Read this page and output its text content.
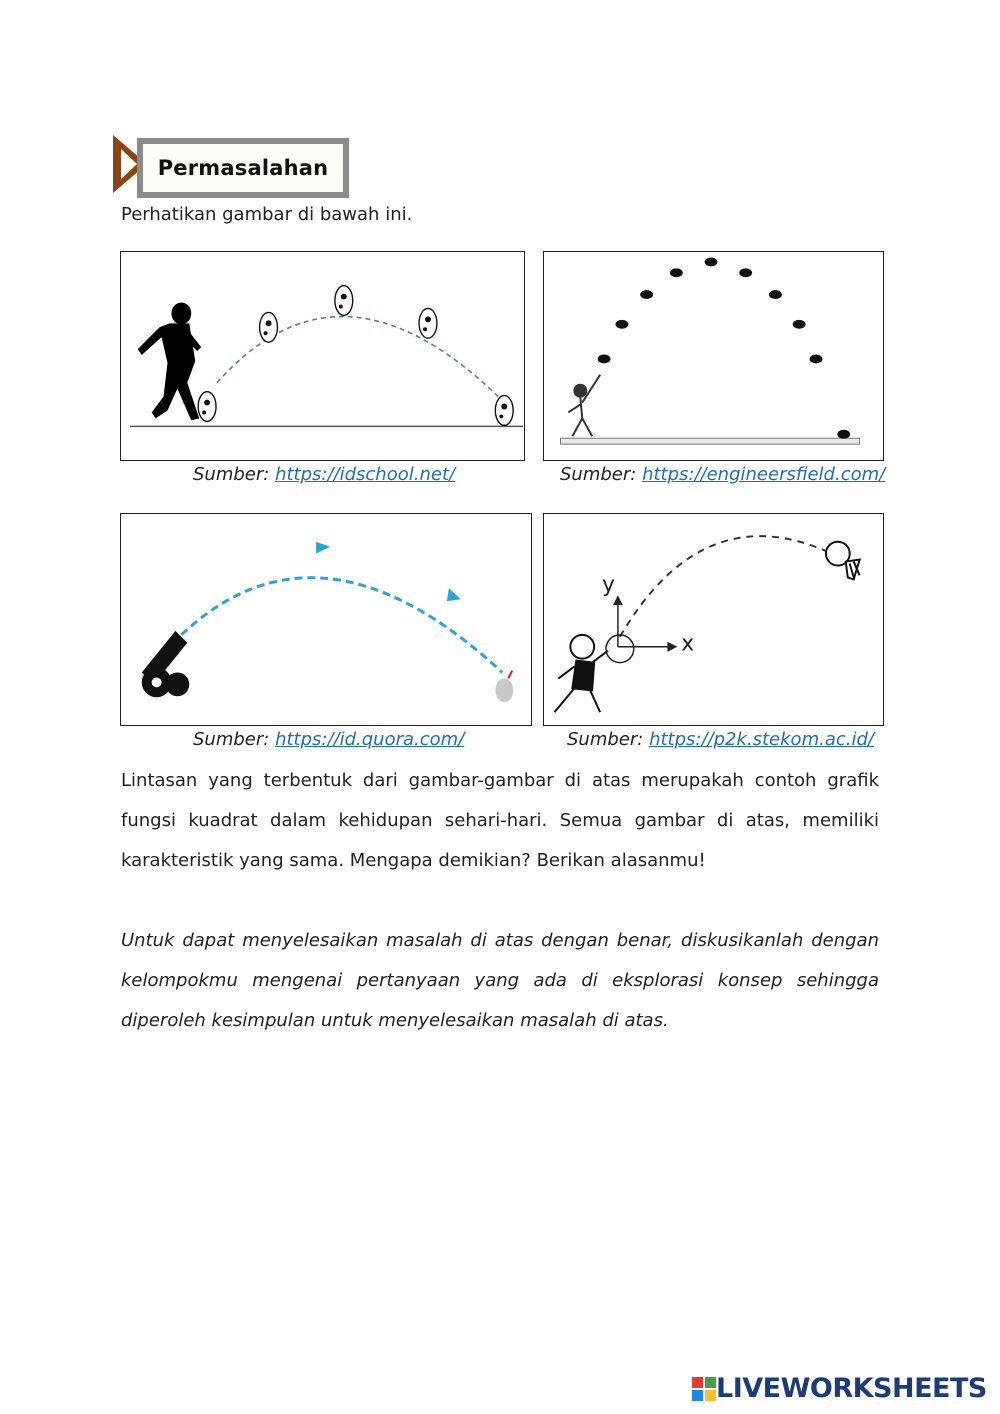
Permasalahan
Perhatikan gambar di bawah ini.
Sumber: https://idschool.net/	Sumber: https://engineersfield.com/
y
x
Sumber: https://id.quora.com/	Sumber: https://p2k.stekom.ac.id/
Lintasan yang terbentuk dari gambar-gambar di atas merupakah contoh grafik fungsi kuadrat dalam kehidupan sehari-hari. Semua gambar di atas, memiliki karakteristik yang sama. Mengapa demikian? Berikan alasanmu!
Untuk dapat menyelesaikan masalah di atas dengan benar, diskusikanlah dengan kelompokmu mengenai pertanyaan yang ada di eksplorasi konsep sehingga diperoleh kesimpulan untuk menyelesaikan masalah di atas.
LIVEWORKSHEETS
